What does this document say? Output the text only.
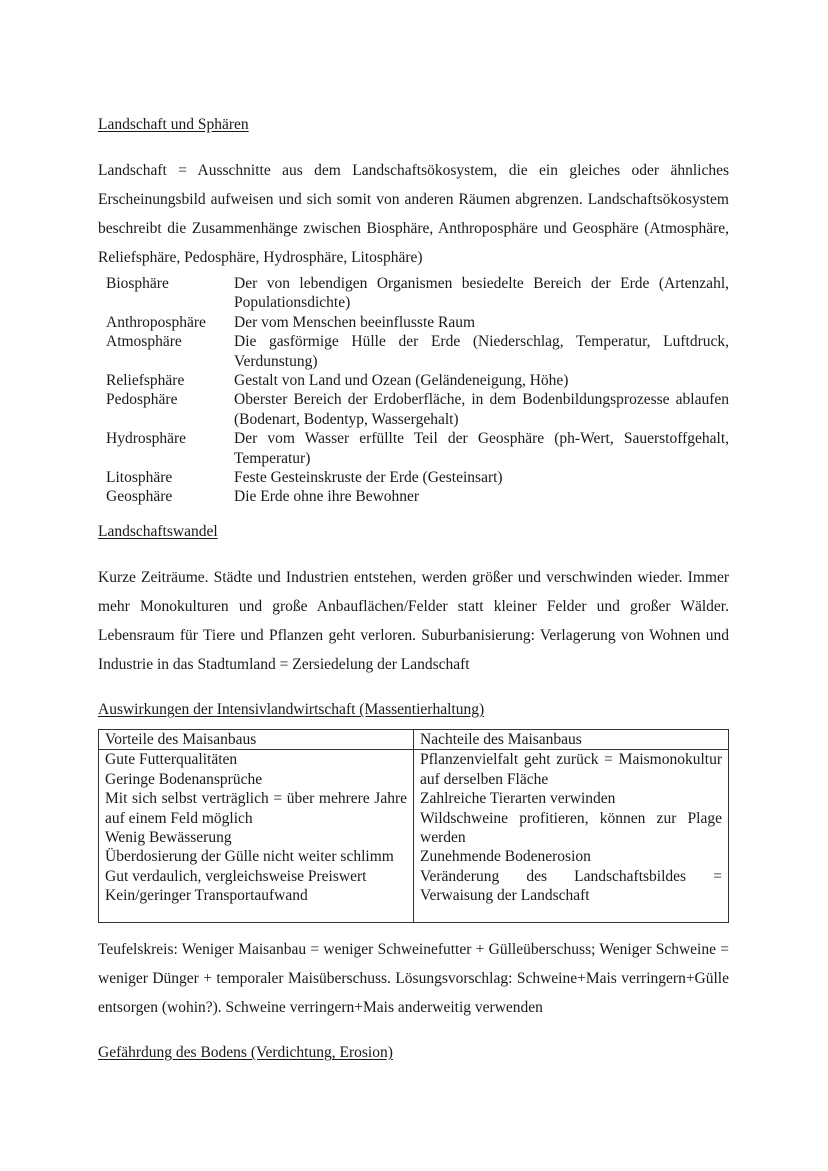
Landschaft und Sphären
Landschaft = Ausschnitte aus dem Landschaftsökosystem, die ein gleiches oder ähnliches Erscheinungsbild aufweisen und sich somit von anderen Räumen abgrenzen. Landschaftsökosystem beschreibt die Zusammenhänge zwischen Biosphäre, Anthroposphäre und Geosphäre (Atmosphäre, Reliefsphäre, Pedosphäre, Hydrosphäre, Litosphäre)
Biosphäre	Der von lebendigen Organismen besiedelte Bereich der Erde (Artenzahl, Populationsdichte)
Anthroposphäre	Der vom Menschen beeinflusste Raum
Atmosphäre	Die gasförmige Hülle der Erde (Niederschlag, Temperatur, Luftdruck, Verdunstung)
Reliefsphäre	Gestalt von Land und Ozean (Geländeneigung, Höhe)
Pedosphäre	Oberster Bereich der Erdoberfläche, in dem Bodenbildungsprozesse ablaufen (Bodenart, Bodentyp, Wassergehalt)
Hydrosphäre	Der vom Wasser erfüllte Teil der Geosphäre (ph-Wert, Sauerstoffgehalt, Temperatur)
Litosphäre	Feste Gesteinskruste der Erde (Gesteinsart)
Geosphäre	Die Erde ohne ihre Bewohner
Landschaftswandel
Kurze Zeiträume. Städte und Industrien entstehen, werden größer und verschwinden wieder. Immer mehr Monokulturen und große Anbauflächen/Felder statt kleiner Felder und großer Wälder. Lebensraum für Tiere und Pflanzen geht verloren. Suburbanisierung: Verlagerung von Wohnen und Industrie in das Stadtumland = Zersiedelung der Landschaft
Auswirkungen der Intensivlandwirtschaft (Massentierhaltung)
Vorteile des Maisanbaus	Nachteile des Maisanbaus

Gute Futterqualitäten
Geringe Bodenansprüche
Mit sich selbst verträglich = über mehrere Jahre auf einem Feld möglich
Wenig Bewässerung
Überdosierung der Gülle nicht weiter schlimm
Gut verdaulich, vergleichsweise Preiswert
Kein/geringer Transportaufwand

Pflanzenvielfalt geht zurück = Maismonokultur auf derselben Fläche
Zahlreiche Tierarten verwinden
Wildschweine profitieren, können zur Plage werden
Zunehmende Bodenerosion
Veränderung des Landschaftsbildes = Verwaisung der Landschaft
Teufelskreis: Weniger Maisanbau = weniger Schweinefutter + Gülleüberschuss; Weniger Schweine = weniger Dünger + temporaler Maisüberschuss. Lösungsvorschlag: Schweine+Mais verringern+Gülle entsorgen (wohin?). Schweine verringern+Mais anderweitig verwenden
Gefährdung des Bodens (Verdichtung, Erosion)
